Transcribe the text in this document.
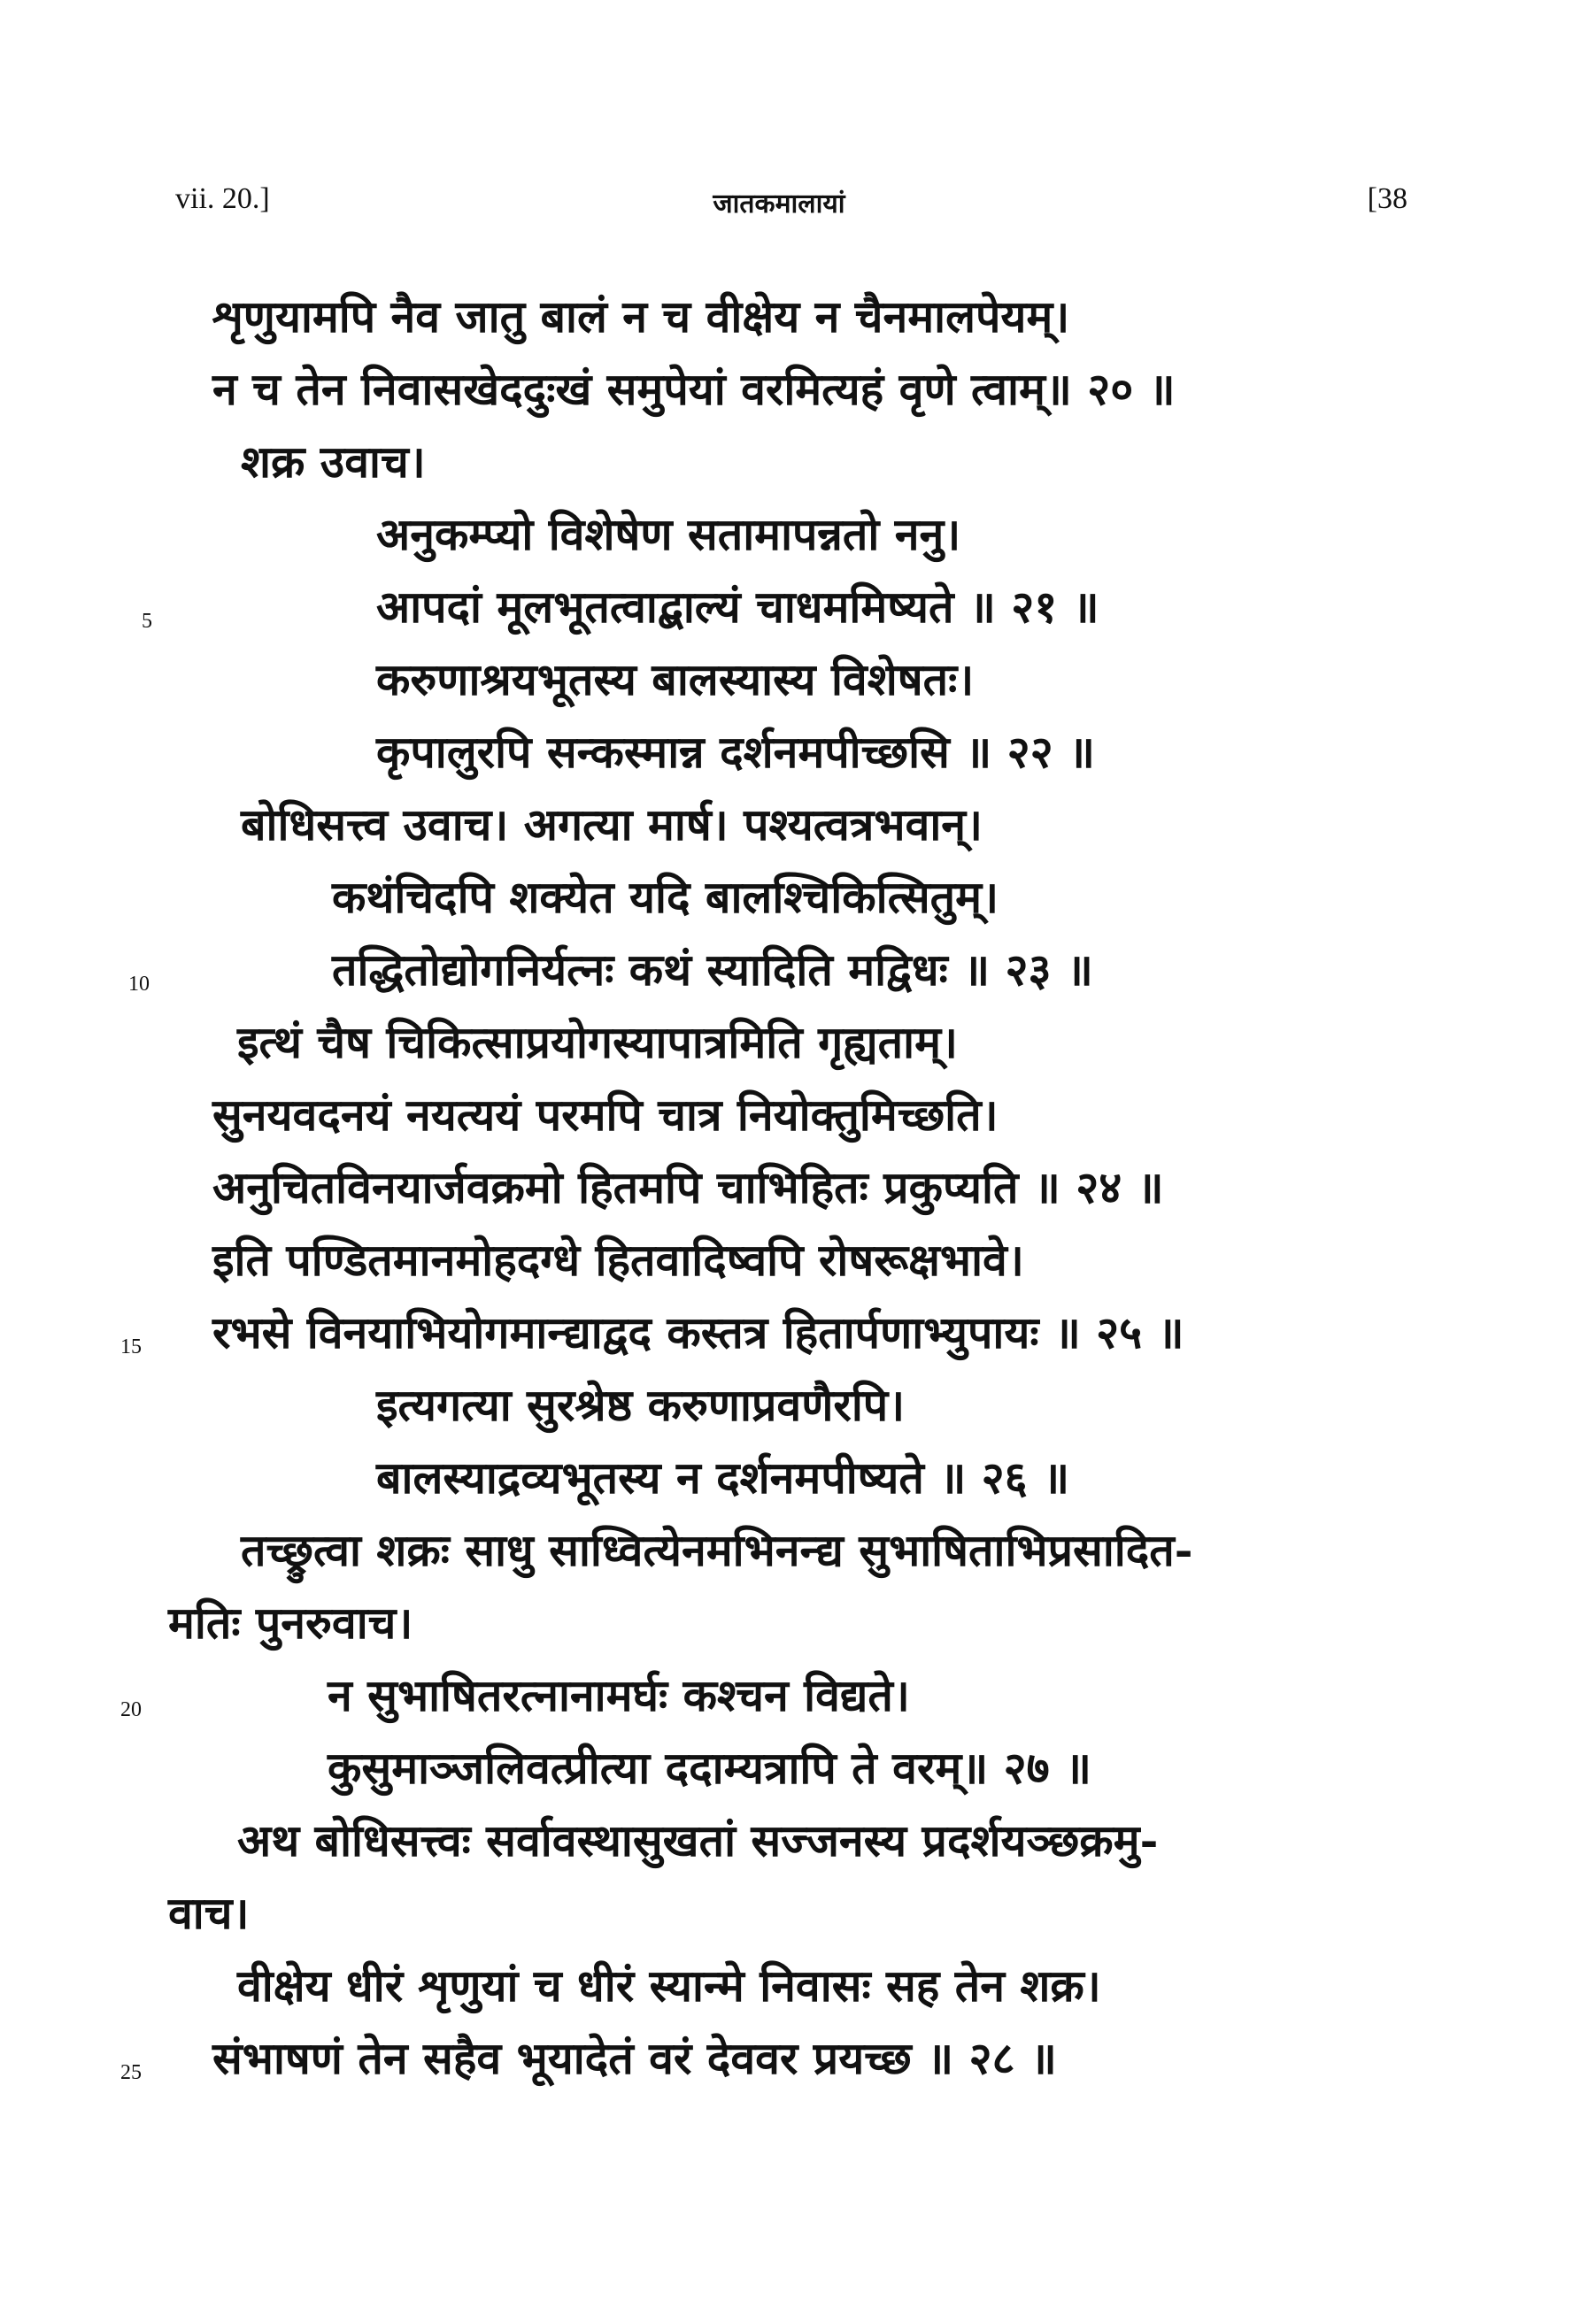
vii. 20.]	जातकमालायां	[38
शृणुयामपि नैव जातु बालं न च वीक्षेय न चैनमालपेयम्।
न च तेन निवासखेददुःखं समुपेयां वरमित्यहं वृणे त्वाम्॥ २० ॥
शक्र उवाच।
अनुकम्प्यो विशेषेण सतामापन्नतो ननु।
आपदां मूलभूतत्वाद्बाल्यं चाधममिष्यते ॥ २१ ॥
करुणाश्रयभूतस्य बालस्यास्य विशेषतः।
कृपालुरपि सन्कस्मान्न दर्शनमपीच्छसि ॥ २२ ॥
बोधिसत्त्व उवाच। अगत्या मार्ष। पश्यत्वत्रभवान्।
कथंचिदपि शक्येत यदि बालश्चिकित्सितुम्।
तद्धितोद्योगनिर्यत्नः कथं स्यादिति मद्विधः ॥ २३ ॥
इत्थं चैष चिकित्साप्रयोगस्यापात्रमिति गृह्यताम्।
सुनयवदनयं नयत्ययं परमपि चात्र नियोक्तुमिच्छति।
अनुचितविनयार्जवक्रमो हितमपि चाभिहितः प्रकुप्यति ॥ २४ ॥
इति पण्डितमानमोहदग्धे हितवादिष्वपि रोषरूक्षभावे।
रभसे विनयाभियोगमान्द्याद्वद कस्तत्र हितार्पणाभ्युपायः ॥ २५ ॥
इत्यगत्या सुरश्रेष्ठ करुणाप्रवणैरपि।
बालस्याद्रव्यभूतस्य न दर्शनमपीष्यते ॥ २६ ॥
तच्छ्रुत्वा शक्रः साधु साध्वित्येनमभिनन्द्य सुभाषिताभिप्रसादित-
मतिः पुनरुवाच।
न सुभाषितरत्नानामर्घः कश्चन विद्यते।
कुसुमाञ्जलिवत्प्रीत्या ददाम्यत्रापि ते वरम्॥ २७ ॥
अथ बोधिसत्त्वः सर्वावस्थासुखतां सज्जनस्य प्रदर्शयञ्छक्रमु-
वाच।
वीक्षेय धीरं शृणुयां च धीरं स्यान्मे निवासः सह तेन शक्र।
संभाषणं तेन सहैव भूयादेतं वरं देववर प्रयच्छ ॥ २८ ॥
5
10
15
20
25
